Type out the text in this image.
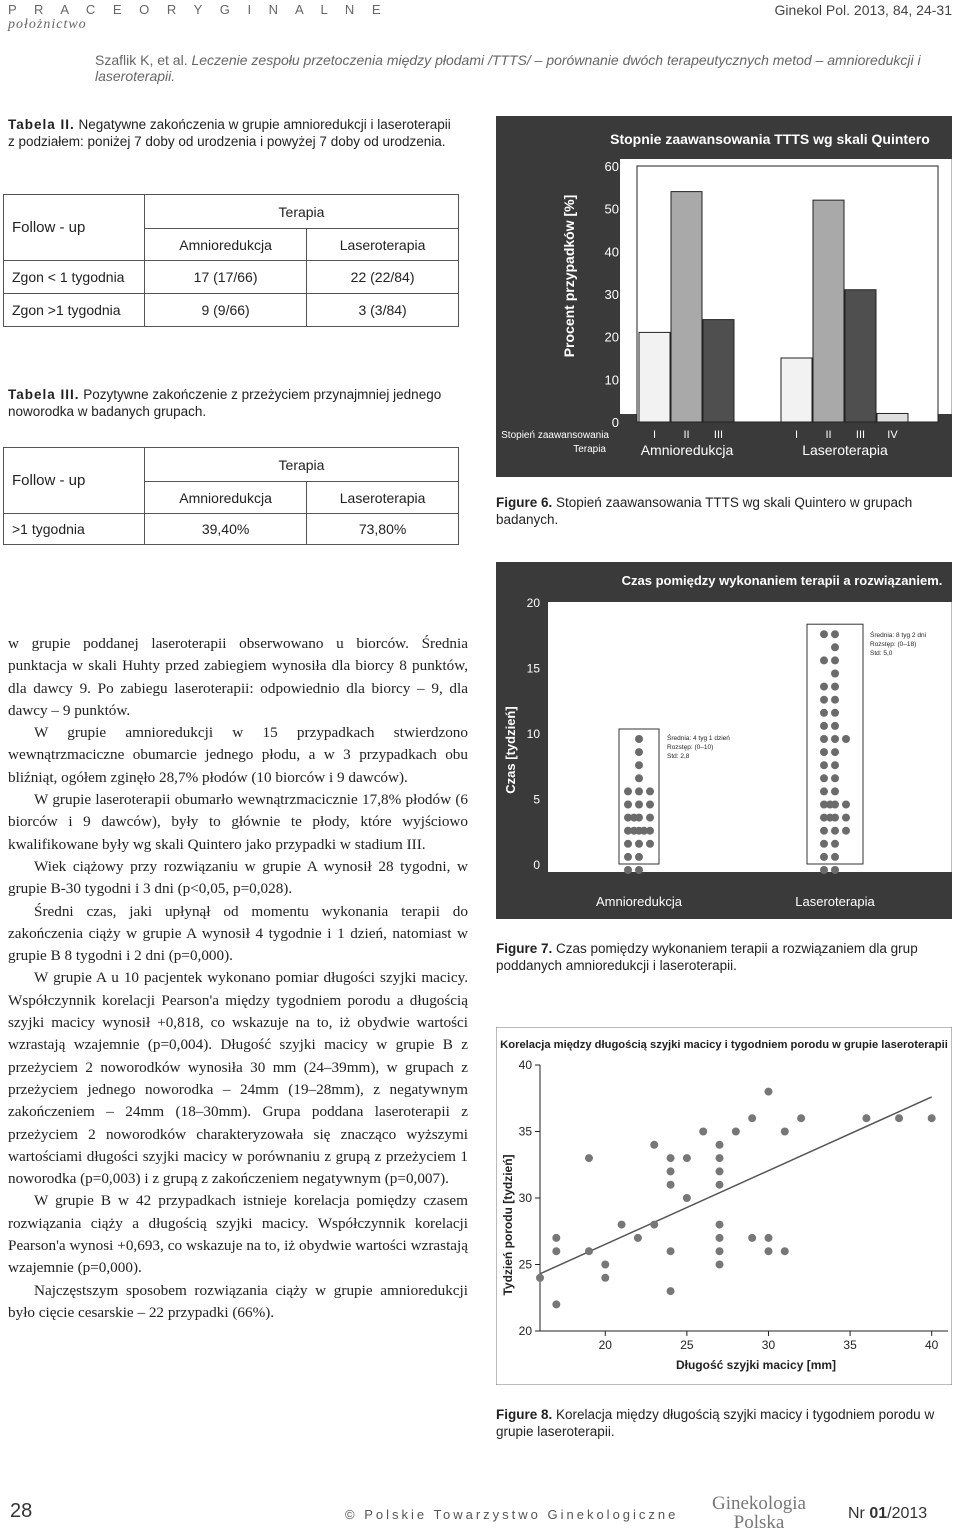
P R A C E O R Y G I N A L N E
położnictwo
Ginekol Pol. 2013, 84, 24-31
Szaflik K, et al. Leczenie zespołu przetoczenia między płodami /TTTS/ – porównanie dwóch terapeutycznych metod – amnioredukcji i laseroterapii.
Tabela II. Negatywne zakończenia w grupie amnioredukcji i laseroterapii z podziałem: poniżej 7 doby od urodzenia i powyżej 7 doby od urodzenia.
Follow - up	Terapia	
	Amnioredukcja	Laseroterapia
Zgon < 1 tygodnia	17 (17/66)	22 (22/84)
Zgon >1 tygodnia	9 (9/66)	3 (3/84)
Tabela III. Pozytywne zakończenie z przeżyciem przynajmniej jednego noworodka w badanych grupach.
Follow - up	Terapia	
	Amnioredukcja	Laseroterapia
>1 tygodnia	39,40%	73,80%
Stopnie zaawansowania TTTS wg skali Quintero
Procent przypadków [%]
0
10
20
30
40
50
60
I II III	I II III IV
Stopień zaawansowania
Terapia Amnioredukcja	Laseroterapia
Figure 6. Stopień zaawansowania TTTS wg skali Quintero w grupach badanych.
Czas pomiędzy wykonaniem terapii a rozwiązaniem.
Czas [tydzień]
0
5
10
15
20
Amnioredukcja	Laseroterapia
Średnia: 4 tyg 1 dzień
Rozstęp: (0–10)
Std: 2,8
Średnia: 8 tyg 2 dni
Rozstęp: (0–18)
Std: 5,0
Figure 7. Czas pomiędzy wykonaniem terapii a rozwiązaniem dla grup poddanych amnioredukcji i laseroterapii.
Korelacja między długością szyjki macicy i tygodniem porodu w grupie laseroterapii
Tydzień porodu [tydzień]
Długość szyjki macicy [mm]
20	25	30	35	40
20
25
30
35
40
Figure 8. Korelacja między długością szyjki macicy i tygodniem porodu w grupie laseroterapii.

w grupie poddanej laseroterapii obserwowano u biorców. Średnia punktacja w skali Huhty przed zabiegiem wynosiła dla biorcy 8 punktów, dla dawcy 9. Po zabiegu laseroterapii: odpowiednio dla biorcy – 9, dla dawcy – 9 punktów.

W grupie amnioredukcji w 15 przypadkach stwierdzono wewnątrzmaciczne obumarcie jednego płodu, a w 3 przypadkach obu bliźniąt, ogółem zginęło 28,7% płodów (10 biorców i 9 dawców).

W grupie laseroterapii obumarło wewnątrzmacicznie 17,8% płodów (6 biorców i 9 dawców), były to głównie te płody, które wyjściowo kwalifikowane były wg skali Quintero jako przypadki w stadium III.

Wiek ciążowy przy rozwiązaniu w grupie A wynosił 28 tygodni, w grupie B-30 tygodni i 3 dni (p<0,05, p=0,028).

Średni czas, jaki upłynął od momentu wykonania terapii do zakończenia ciąży w grupie A wynosił 4 tygodnie i 1 dzień, natomiast w grupie B 8 tygodni i 2 dni (p=0,000).

W grupie A u 10 pacjentek wykonano pomiar długości szyjki macicy. Współczynnik korelacji Pearson'a między tygodniem porodu a długością szyjki macicy wynosił +0,818, co wskazuje na to, iż obydwie wartości wzrastają wzajemnie (p=0,004). Długość szyjki macicy w grupie B z przeżyciem 2 noworodków wynosiła 30 mm (24–39mm), w grupach z przeżyciem jednego noworodka – 24mm (19–28mm), z negatywnym zakończeniem – 24mm (18–30mm). Grupa poddana laseroterapii z przeżyciem 2 noworodków charakteryzowała się znacząco wyższymi wartościami długości szyjki macicy w porównaniu z grupą z przeżyciem 1 noworodka (p=0,003) i z grupą z zakończeniem negatywnym (p=0,007).

W grupie B w 42 przypadkach istnieje korelacja pomiędzy czasem rozwiązania ciąży a długością szyjki macicy. Współczynnik korelacji Pearson'a wynosi +0,693, co wskazuje na to, iż obydwie wartości wzrastają wzajemnie (p=0,000).

Najczęstszym sposobem rozwiązania ciąży w grupie amnioredukcji było cięcie cesarskie – 22 przypadki (66%).

28	© Polskie Towarzystwo Ginekologiczne
Ginekologia
Polska	Nr 01/2013
